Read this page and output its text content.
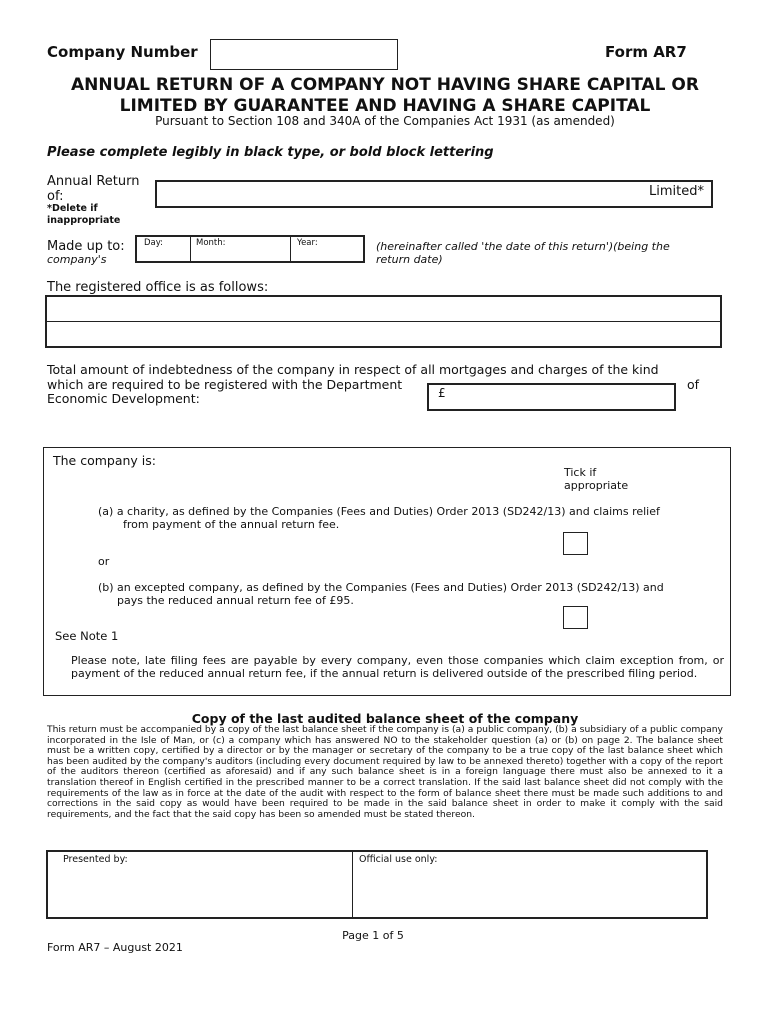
Company Number	Form AR7
ANNUAL RETURN OF A COMPANY NOT HAVING SHARE CAPITAL OR
LIMITED BY GUARANTEE AND HAVING A SHARE CAPITAL
Pursuant to Section 108 and 340A of the Companies Act 1931 (as amended)
Please complete legibly in black type, or bold block lettering
Annual Return
of:
*Delete if
inappropriate
Limited*
Made up to:
company's
Day:	Month:	Year:	(hereinafter called 'the date of this return')(being the
return date)
The registered office is as follows:
Total amount of indebtedness of the company in respect of all mortgages and charges of the kind
which are required to be registered with the Department
Economic Development:
of
£
The company is:
Tick if
appropriate
(a) a charity, as defined by the Companies (Fees and Duties) Order 2013 (SD242/13) and claims relief
from payment of the annual return fee.
or
(b) an excepted company, as defined by the Companies (Fees and Duties) Order 2013 (SD242/13) and
pays the reduced annual return fee of £95.
See Note 1
Please note, late filing fees are payable by every company, even those companies which claim exception from, or payment of the reduced annual return fee, if the annual return is delivered outside of the prescribed filing period.
Copy of the last audited balance sheet of the company
This return must be accompanied by a copy of the last balance sheet if the company is (a) a public company, (b) a subsidiary of a public company incorporated in the Isle of Man, or (c) a company which has answered NO to the stakeholder question (a) or (b) on page 2. The balance sheet must be a written copy, certified by a director or by the manager or secretary of the company to be a true copy of the last balance sheet which has been audited by the company's auditors (including every document required by law to be annexed thereto) together with a copy of the report of the auditors thereon (certified as aforesaid) and if any such balance sheet is in a foreign language there must also be annexed to it a translation thereof in English certified in the prescribed manner to be a correct translation. If the said last balance sheet did not comply with the requirements of the law as in force at the date of the audit with respect to the form of balance sheet there must be made such additions to and corrections in the said copy as would have been required to be made in the said balance sheet in order to make it comply with the said requirements, and the fact that the said copy has been so amended must be stated thereon.
Presented by:	Official use only:
Page 1 of 5
Form AR7 – August 2021
